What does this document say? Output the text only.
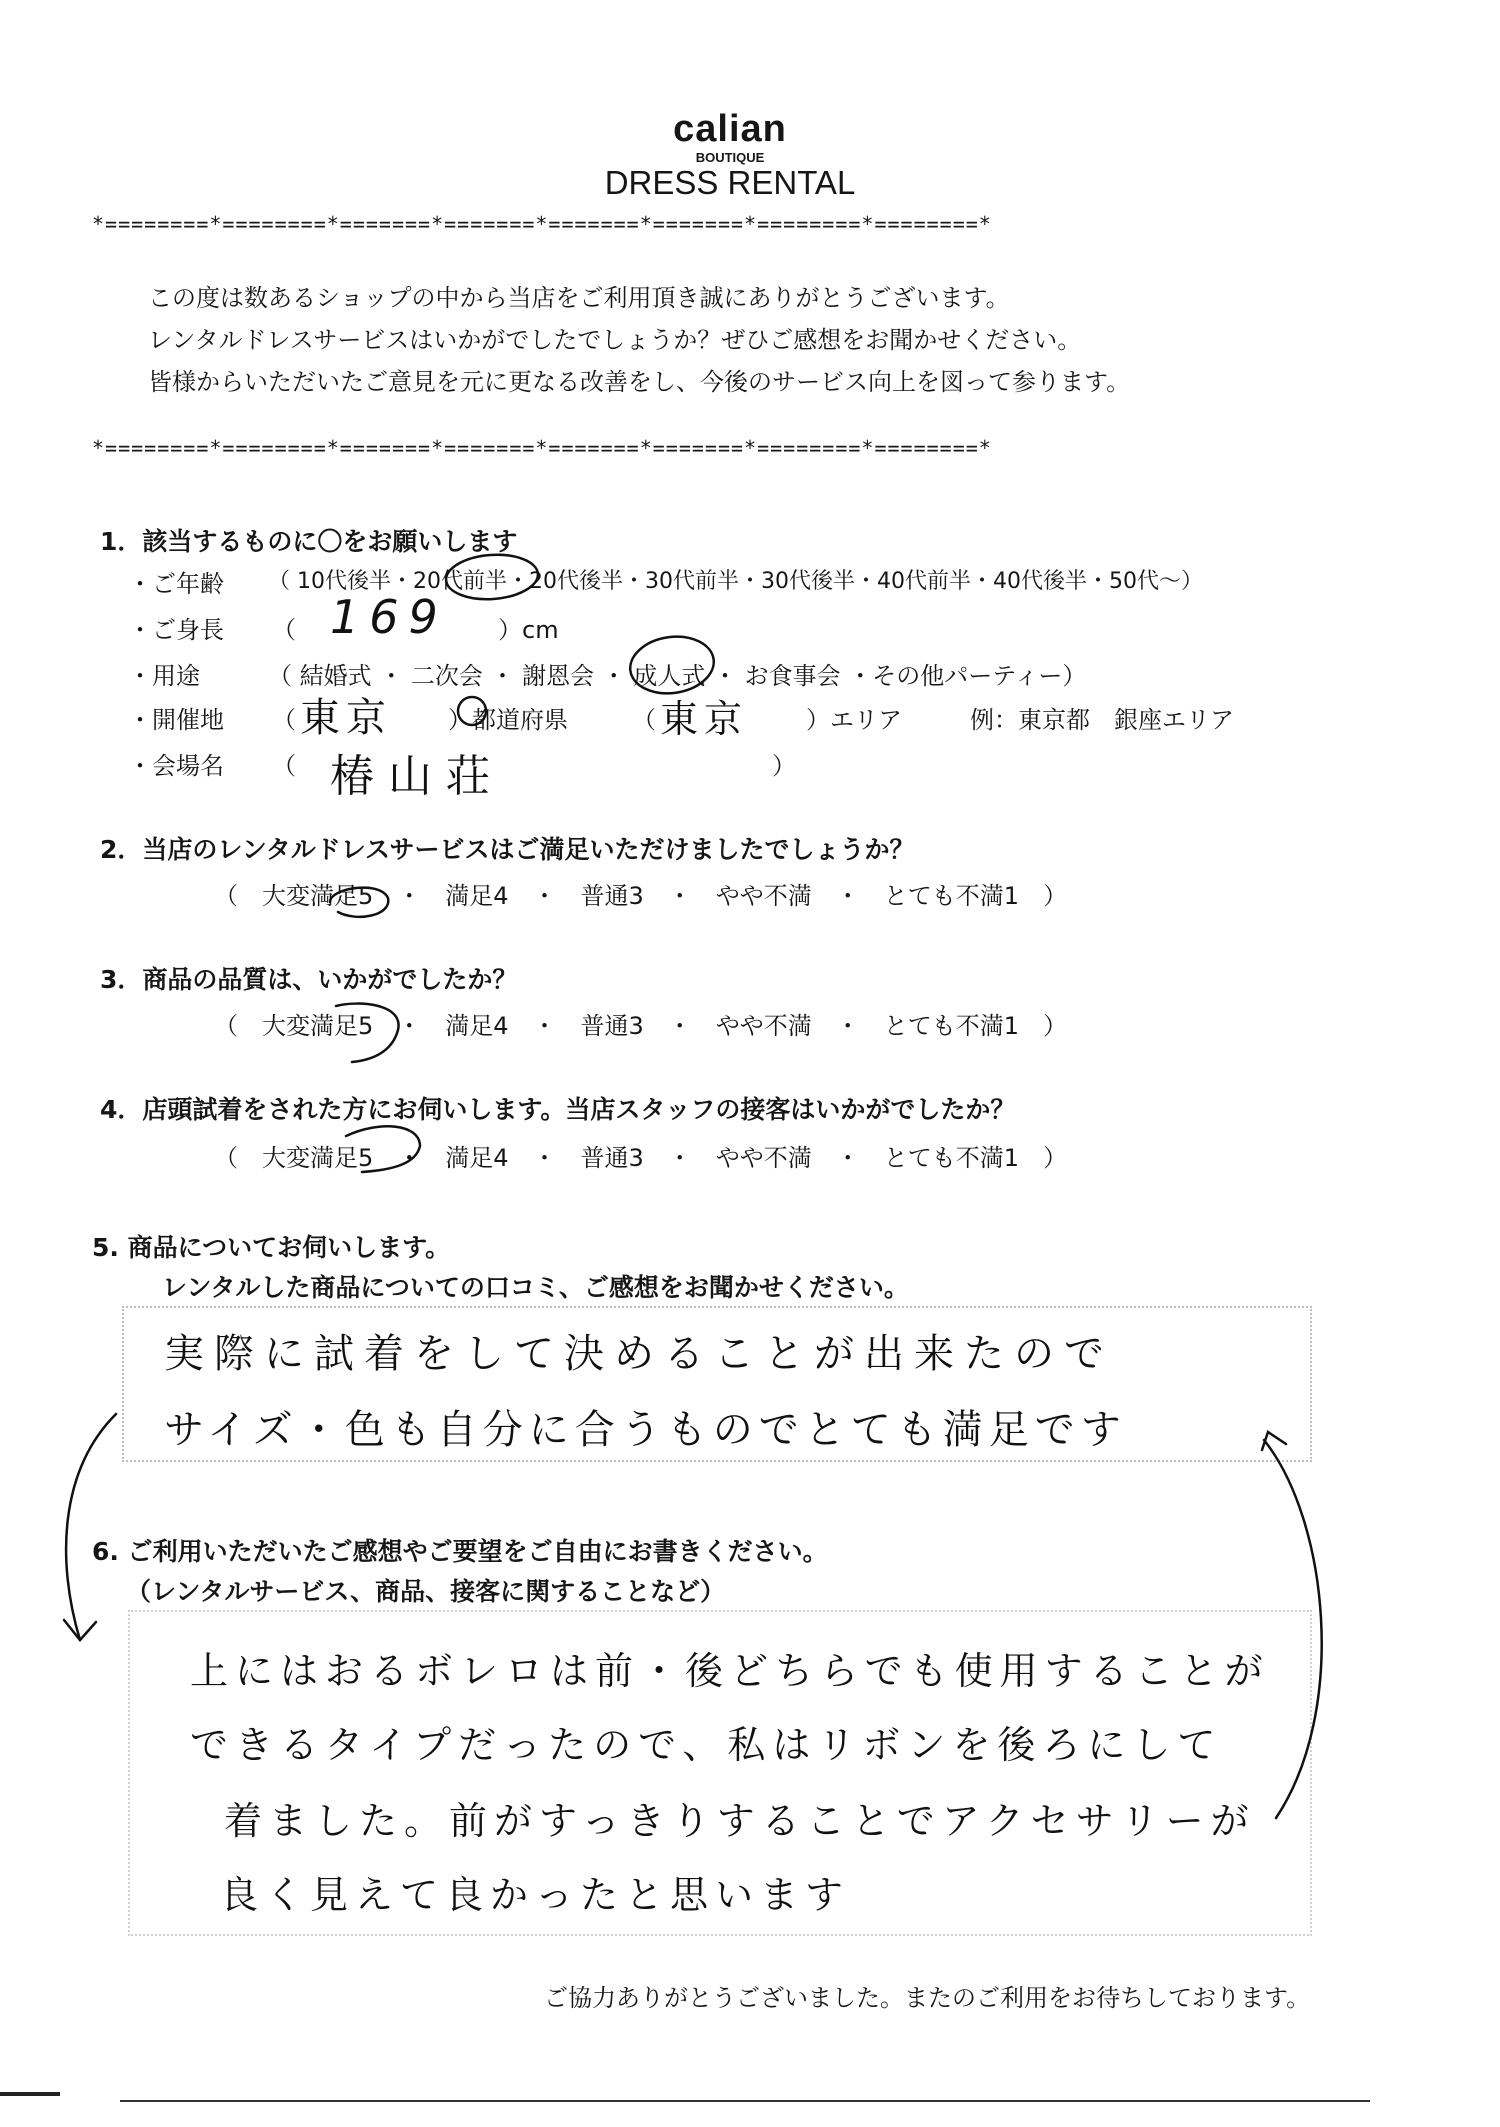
calian
BOUTIQUE
DRESS RENTAL
*========*========*=======*=======*=======*=======*========*========*
この度は数あるショップの中から当店をご利用頂き誠にありがとうございます。
レンタルドレスサービスはいかがでしたでしょうか？ぜひご感想をお聞かせください。
皆様からいただいたご意見を元に更なる改善をし、今後のサービス向上を図って参ります。
*========*========*=======*=======*=======*=======*========*========*
1．該当するものに〇をお願いします
・ご年齢 （ 10代後半・20代前半・20代後半・30代前半・30代後半・40代前半・40代後半・50代～）
・ご身長 （ 169 ）cm
・用途	（ 結婚式 ・ 二次会 ・ 謝恩会 ・ 成人式 ・ お食事会 ・その他パーティー）
・開催地 （ 東京 ）都道府県	（ 東京 ）エリア	例：東京都　銀座エリア
・会場名 （ 椿山荘	）
2．当店のレンタルドレスサービスはご満足いただけましたでしょうか？
（　大変満足5　・　満足4　・　普通3　・　やや不満　・　とても不満1　）
3．商品の品質は、いかがでしたか？
（　大変満足5　・　満足4　・　普通3　・　やや不満　・　とても不満1　）
4．店頭試着をされた方にお伺いします。当店スタッフの接客はいかがでしたか？
（　大変満足5　・　満足4　・　普通3　・　やや不満　・　とても不満1　）
5. 商品についてお伺いします。
レンタルした商品についての口コミ、ご感想をお聞かせください。
実際に試着をして決めることが出来たので
サイズ・色も自分に合うものでとても満足です
6. ご利用いただいたご感想やご要望をご自由にお書きください。
（レンタルサービス、商品、接客に関することなど）
上にはおるボレロは前・後どちらでも使用することが
できるタイプだったので、私はリボンを後ろにして
着ました。前がすっきりすることでアクセサリーが
良く見えて良かったと思います
ご協力ありがとうございました。またのご利用をお待ちしております。
